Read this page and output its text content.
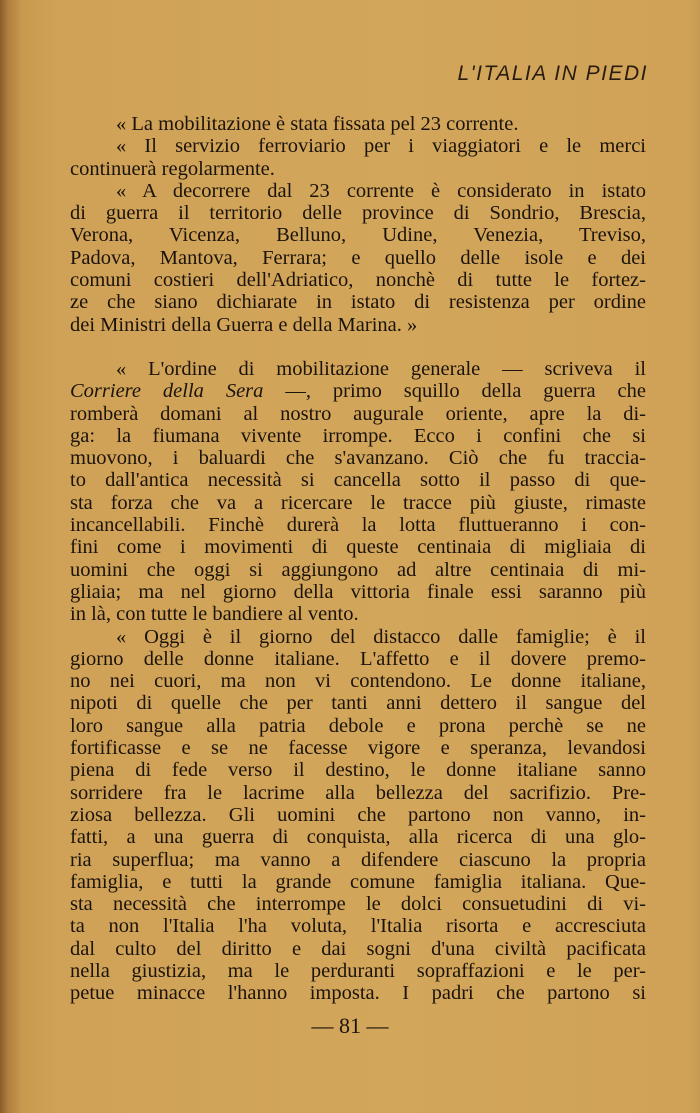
L'ITALIA IN PIEDI
« La mobilitazione è stata fissata pel 23 corrente.
« Il servizio ferroviario per i viaggiatori e le merci
continuerà regolarmente.
« A decorrere dal 23 corrente è considerato in istato
di guerra il territorio delle province di Sondrio, Brescia,
Verona, Vicenza, Belluno, Udine, Venezia, Treviso,
Padova, Mantova, Ferrara; e quello delle isole e dei
comuni costieri dell'Adriatico, nonchè di tutte le fortez-
ze che siano dichiarate in istato di resistenza per ordine
dei Ministri della Guerra e della Marina. »
« L'ordine di mobilitazione generale — scriveva il
Corriere della Sera —, primo squillo della guerra che
romberà domani al nostro augurale oriente, apre la di-
ga: la fiumana vivente irrompe. Ecco i confini che si
muovono, i baluardi che s'avanzano. Ciò che fu traccia-
to dall'antica necessità si cancella sotto il passo di que-
sta forza che va a ricercare le tracce più giuste, rimaste
incancellabili. Finchè durerà la lotta fluttueranno i con-
fini come i movimenti di queste centinaia di migliaia di
uomini che oggi si aggiungono ad altre centinaia di mi-
gliaia; ma nel giorno della vittoria finale essi saranno più
in là, con tutte le bandiere al vento.
« Oggi è il giorno del distacco dalle famiglie; è il
giorno delle donne italiane. L'affetto e il dovere premo-
no nei cuori, ma non vi contendono. Le donne italiane,
nipoti di quelle che per tanti anni dettero il sangue del
loro sangue alla patria debole e prona perchè se ne
fortificasse e se ne facesse vigore e speranza, levandosi
piena di fede verso il destino, le donne italiane sanno
sorridere fra le lacrime alla bellezza del sacrifizio. Pre-
ziosa bellezza. Gli uomini che partono non vanno, in-
fatti, a una guerra di conquista, alla ricerca di una glo-
ria superflua; ma vanno a difendere ciascuno la propria
famiglia, e tutti la grande comune famiglia italiana. Que-
sta necessità che interrompe le dolci consuetudini di vi-
ta non l'Italia l'ha voluta, l'Italia risorta e accresciuta
dal culto del diritto e dai sogni d'una civiltà pacificata
nella giustizia, ma le perduranti sopraffazioni e le per-
petue minacce l'hanno imposta. I padri che partono si
— 81 —
